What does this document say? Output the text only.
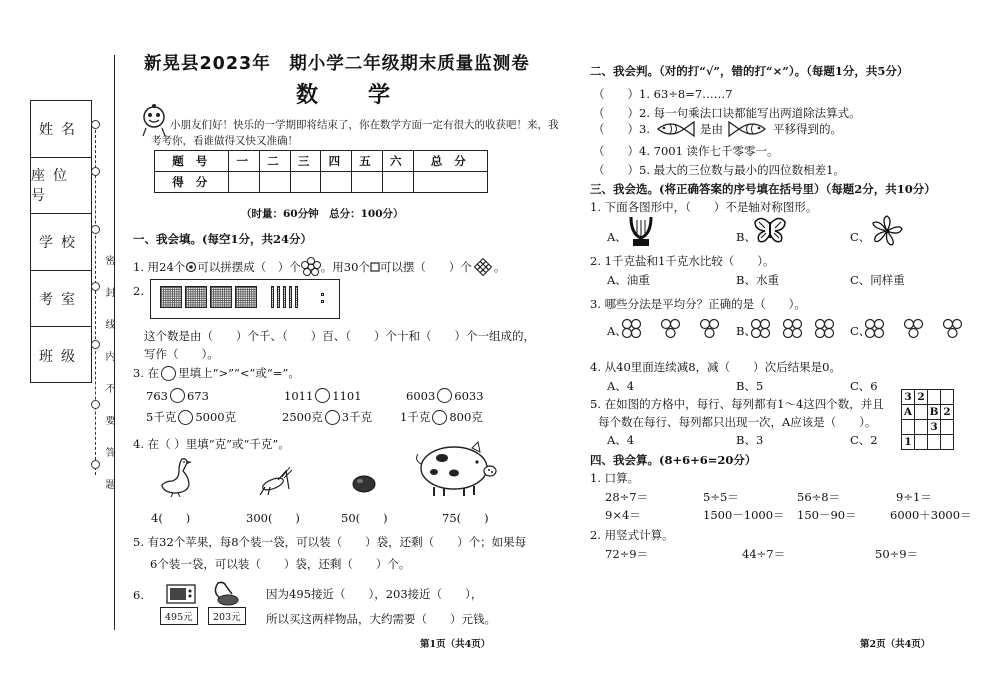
姓名
座位号
学校
考室
班级	密　封　线　内　不　要　答　题
新晃县2023年　期小学二年级期末质量监测卷
数　学
小朋友们好！快乐的一学期即将结束了，你在数学方面一定有很大的收获吧！来，我
考考你，看谁做得又快又准确！
题 号	一	二	三	四	五	六	总 分
得 分							
（时量：60分钟　总分：100分）
一、我会填。(每空1分，共24分）
1. 用24个 可以拼摆成（　）个 。用30个 可以摆（　　）个 。
2.
这个数是由（　　）个千、（　　）百、（　　）个十和（　　）个一组成的，
写作（　　）。
3. 在 里填上“>”“<”或“=”。
763 673	1011 1101	6003 6033
5千克 5000克	2500克 3千克 1千克 800克
4. 在（ ）里填“克”或“千克”。
4(　　)	300(　　)	50(　　)	75(　　)
5. 有32个苹果，每8个装一袋，可以装（　　）袋，还剩（　　）个；如果每
6个装一袋，可以装（　　）袋，还剩（　　）个。
6.
495元	203元
因为495接近（　　），203接近（　　），
所以买这两样物品，大约需要（　　）元钱。
第1页（共4页）
二、我会判。（对的打“√”，错的打“×”）。（每题1分，共5分）
（　　）1. 63÷8=7……7
（　　）2. 每一句乘法口诀都能写出两道除法算式。
（　　）3.	是由	平移得到的。
（　　）4. 7001 读作七千零零一。
（　　）5. 最大的三位数与最小的四位数相差1。
三、我会选。(将正确答案的序号填在括号里）（每题2分，共10分）
1. 下面各图形中，（　　）不是轴对称图形。
A、	B、	C、
2. 1千克盐和1千克水比较（　　）。
A、油重	B、水重	C、同样重
3. 哪些分法是平均分？正确的是（　　）。
A、	B、	C、
4. 从40里面连续减8，减（　　）次后结果是0。
A、4	B、5	C、6
5. 在如图的方格中，每行、每列都有1～4这四个数，并且
每个数在每行、每列都只出现一次，A应该是（　　）。
A、4	B、3	C、2
3	2		
A		B	2
		3	
1			
四、我会算。(8+6+6=20分）
1. 口算。
28÷7＝	5÷5＝	56÷8＝	9÷1＝
9×4＝	1500－1000＝ 150－90＝	6000＋3000＝
2. 用竖式计算。
72÷9＝	44÷7＝	50÷9＝
第2页（共4页）
